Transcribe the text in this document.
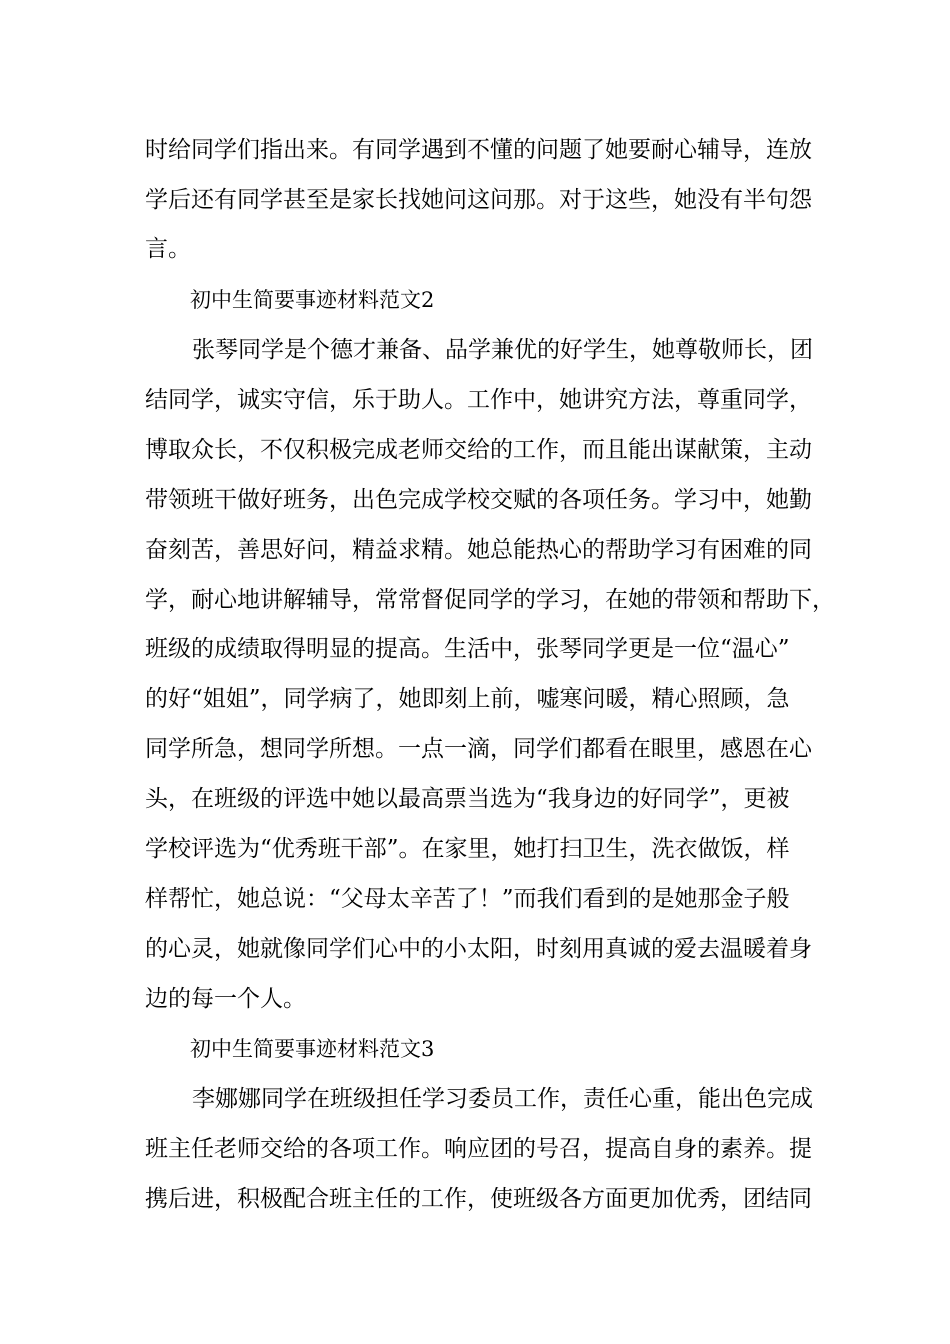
时给同学们指出来。有同学遇到不懂的问题了她要耐心辅导，连放
学后还有同学甚至是家长找她问这问那。对于这些，她没有半句怨
言。
初中生简要事迹材料范文2
张琴同学是个德才兼备、品学兼优的好学生，她尊敬师长，团
结同学，诚实守信，乐于助人。工作中，她讲究方法，尊重同学，
博取众长，不仅积极完成老师交给的工作，而且能出谋献策，主动
带领班干做好班务，出色完成学校交赋的各项任务。学习中，她勤
奋刻苦，善思好问，精益求精。她总能热心的帮助学习有困难的同
学，耐心地讲解辅导，常常督促同学的学习，在她的带领和帮助下，
班级的成绩取得明显的提高。生活中，张琴同学更是一位“温心”
的好“姐姐”，同学病了，她即刻上前，嘘寒问暖，精心照顾，急
同学所急，想同学所想。一点一滴，同学们都看在眼里，感恩在心
头，在班级的评选中她以最高票当选为“我身边的好同学”，更被
学校评选为“优秀班干部”。在家里，她打扫卫生，洗衣做饭，样
样帮忙，她总说：“父母太辛苦了！”而我们看到的是她那金子般
的心灵，她就像同学们心中的小太阳，时刻用真诚的爱去温暖着身
边的每一个人。
初中生简要事迹材料范文3
李娜娜同学在班级担任学习委员工作，责任心重，能出色完成
班主任老师交给的各项工作。响应团的号召，提高自身的素养。提
携后进，积极配合班主任的工作，使班级各方面更加优秀，团结同
